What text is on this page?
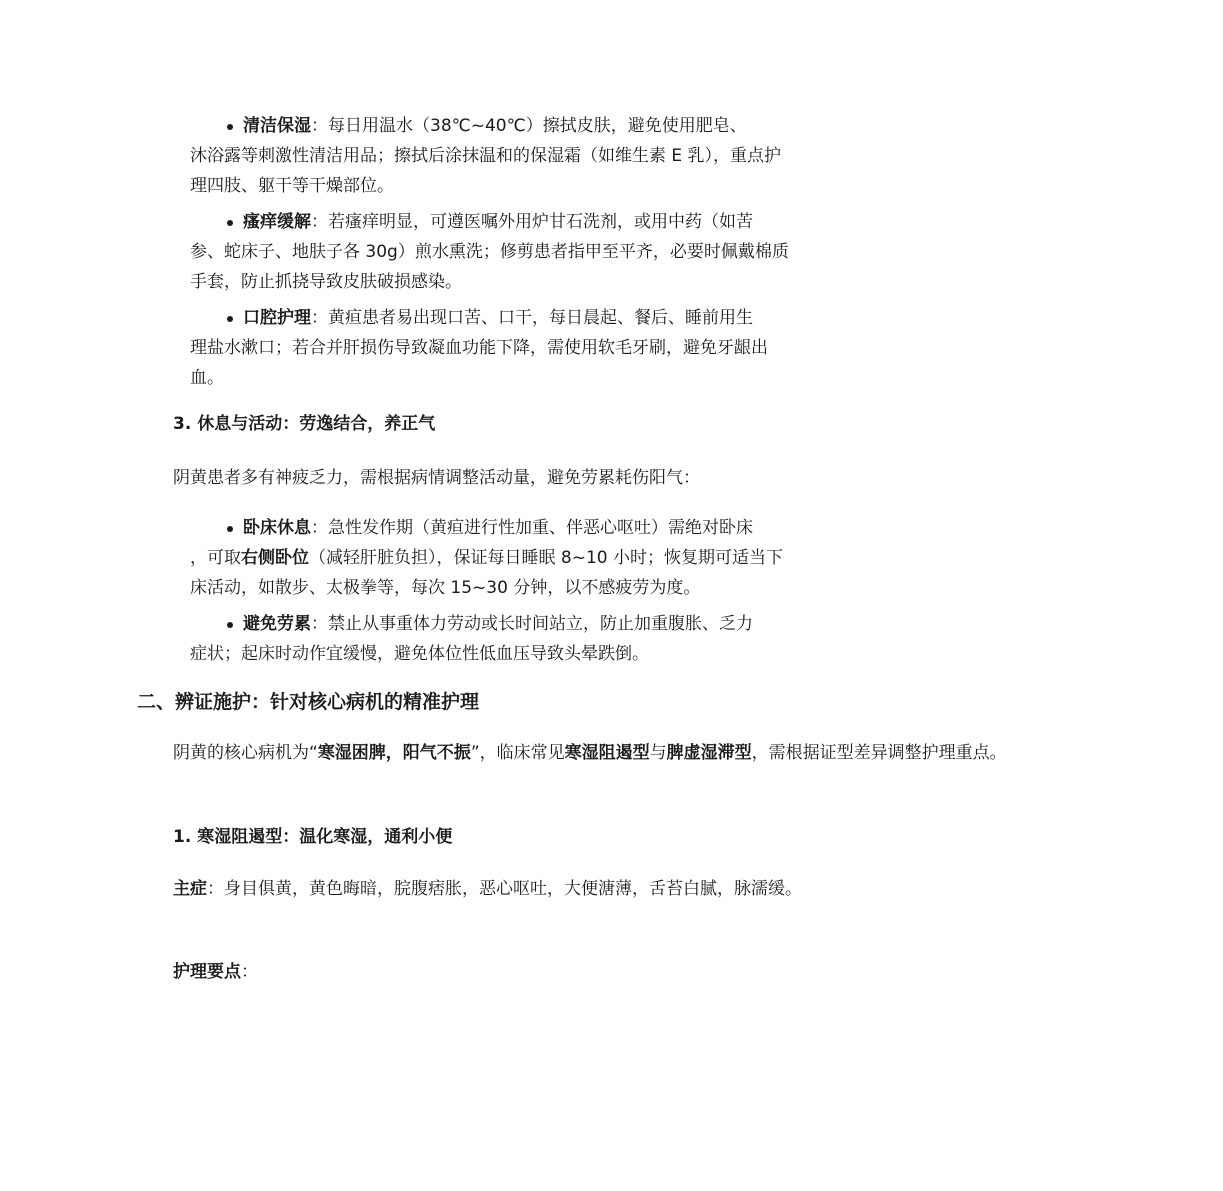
清洁保湿：每日用温水（38℃~40℃）擦拭皮肤，避免使用肥皂、
沐浴露等刺激性清洁用品；擦拭后涂抹温和的保湿霜（如维生素 E 乳），重点护理四肢、躯干等干燥部位。
瘙痒缓解：若瘙痒明显，可遵医嘱外用炉甘石洗剂，或用中药（如苦
参、蛇床子、地肤子各 30g）煎水熏洗；修剪患者指甲至平齐，必要时佩戴棉质手套，防止抓挠导致皮肤破损感染。
口腔护理：黄疸患者易出现口苦、口干，每日晨起、餐后、睡前用生
理盐水漱口；若合并肝损伤导致凝血功能下降，需使用软毛牙刷，避免牙龈出血。
3. 休息与活动：劳逸结合，养正气
阴黄患者多有神疲乏力，需根据病情调整活动量，避免劳累耗伤阳气：
卧床休息：急性发作期（黄疸进行性加重、伴恶心呕吐）需绝对卧床
，可取右侧卧位（减轻肝脏负担），保证每日睡眠 8~10 小时；恢复期可适当下床活动，如散步、太极拳等，每次 15~30 分钟，以不感疲劳为度。
避免劳累：禁止从事重体力劳动或长时间站立，防止加重腹胀、乏力
症状；起床时动作宜缓慢，避免体位性低血压导致头晕跌倒。
二、辨证施护：针对核心病机的精准护理
阴黄的核心病机为“寒湿困脾，阳气不振”，临床常见寒湿阻遏型与脾虚湿滞型，需根据证型差异调整护理重点。
1. 寒湿阻遏型：温化寒湿，通利小便
主症：身目俱黄，黄色晦暗，脘腹痞胀，恶心呕吐，大便溏薄，舌苔白腻，脉濡缓。
护理要点：
